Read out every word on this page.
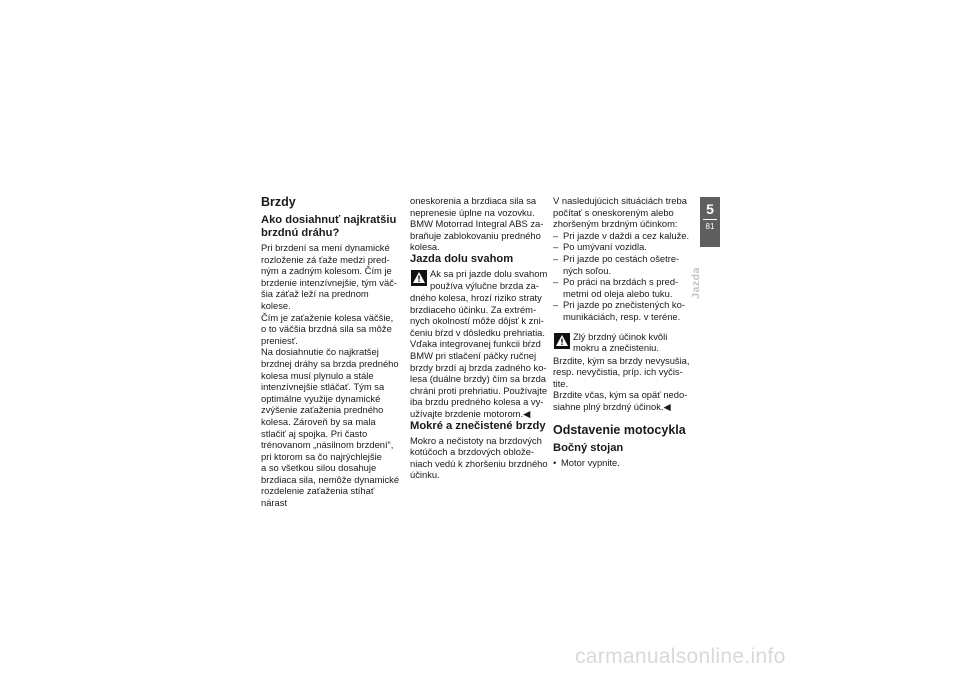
Brzdy
Ako dosiahnuť najkratšiu
brzdnú dráhu?

Pri brzdení sa mení dynamické
rozloženie zá ťaže medzi pred-
ným a zadným kolesom. Čím je
brzdenie intenzívnejšie, tým väč-
šia záťaž leží na prednom kolese.
Čím je zaťaženie kolesa väčšie,
o to väčšia brzdná sila sa môže
preniesť.

Na dosiahnutie čo najkratšej
brzdnej dráhy sa brzda predného
kolesa musí plynulo a stále
intenzívnejšie stláčať. Tým sa
optimálne využije dynamické
zvýšenie zaťaženia predného
kolesa. Zároveň by sa mala
stlačiť aj spojka. Pri často
trénovanom „násilnom brzdení“,
pri ktorom sa čo najrýchlejšie
a so všetkou silou dosahuje
brzdiaca sila, nemôže dynamické
rozdelenie zaťaženia stíhať nárast

oneskorenia a brzdiaca sila sa
neprenesie úplne na vozovku.
BMW Motorrad Integral ABS za-
braňuje zablokovaniu predného
kolesa.

Jazda dolu svahom

Ak sa pri jazde dolu svahom
používa výlučne brzda za-

dného kolesa, hrozí riziko straty
brzdiaceho účinku. Za extrém-
nych okolností môže dôjsť k zni-
čeniu bŕzd v dôsledku prehriatia.
Vďaka integrovanej funkcii bŕzd
BMW pri stlačení páčky ručnej
brzdy brzdí aj brzda zadného ko-
lesa (duálne brzdy) čím sa brzda
chráni proti prehriatiu. Používajte
iba brzdu predného kolesa a vy-
užívajte brzdenie motorom.◀

Mokré a znečistené brzdy

Mokro a nečistoty na brzdových
kotúčoch a brzdových obložе-
niach vedú k zhoršeniu brzdného
účinku.

V nasledujúcich situáciách treba
počítať s oneskoreným alebo
zhoršeným brzdným účinkom:

– Pri jazde v daždi a cez kaluže.
– Po umývaní vozidla.
– Pri jazde po cestách ošetre-
ných soľou.
– Po práci na brzdách s pred-
metmi od oleja alebo tuku.
– Pri jazde po znečistených ko-
munikáciách, resp. v teréne.

Zlý brzdný účinok kvôli
mokru a znečisteniu.

Brzdite, kým sa brzdy nevysušia,
resp. nevyčistia, príp. ich vyčis-
tite.
Brzdite včas, kým sa opäť nedo-
siahne plný brzdný účinok.◀

Odstavenie motocykla
Bočný stojan

• Motor vypnite.

5
81
Jazda
carmanualsonline.info
